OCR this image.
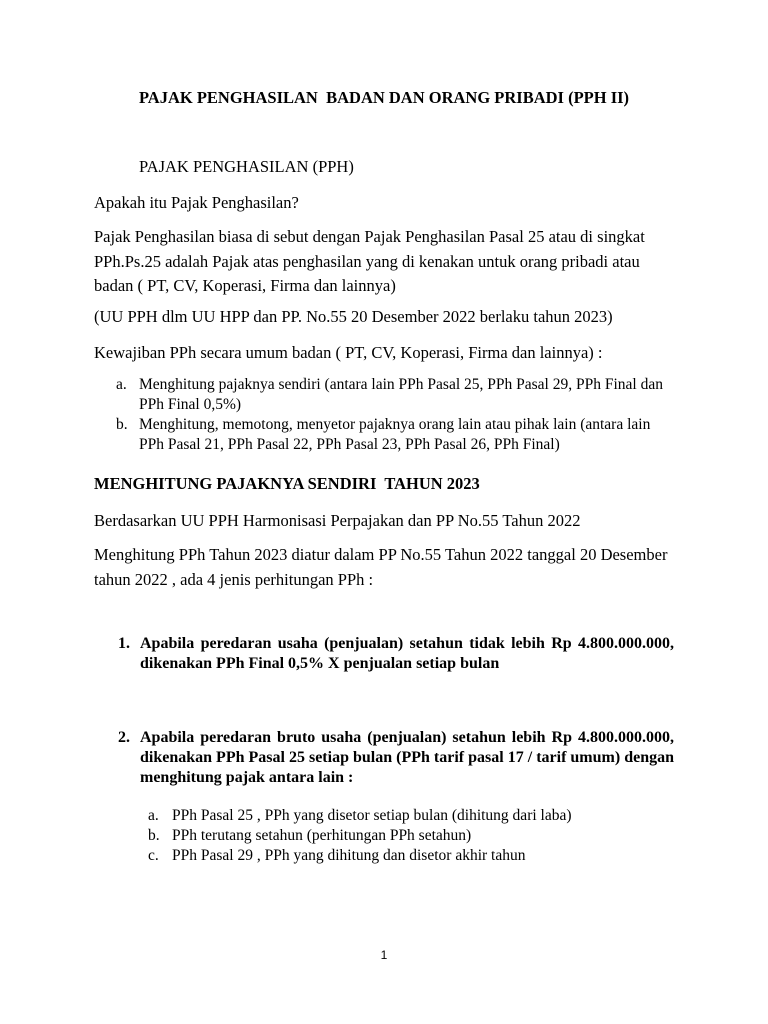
PAJAK PENGHASILAN  BADAN DAN ORANG PRIBADI (PPH II)

PAJAK PENGHASILAN (PPH)

Apakah itu Pajak Penghasilan?

Pajak Penghasilan biasa di sebut dengan Pajak Penghasilan Pasal 25 atau di singkat PPh.Ps.25 adalah Pajak atas penghasilan yang di kenakan untuk orang pribadi atau badan ( PT, CV, Koperasi, Firma dan lainnya)

(UU PPH dlm UU HPP dan PP. No.55 20 Desember 2022 berlaku tahun 2023)

Kewajiban PPh secara umum badan ( PT, CV, Koperasi, Firma dan lainnya) :

a. Menghitung pajaknya sendiri (antara lain PPh Pasal 25, PPh Pasal 29, PPh Final dan PPh Final 0,5%)
b. Menghitung, memotong, menyetor pajaknya orang lain atau pihak lain (antara lain PPh Pasal 21, PPh Pasal 22, PPh Pasal 23, PPh Pasal 26, PPh Final)

MENGHITUNG PAJAKNYA SENDIRI  TAHUN 2023

Berdasarkan UU PPH Harmonisasi Perpajakan dan PP No.55 Tahun 2022

Menghitung PPh Tahun 2023 diatur dalam PP No.55 Tahun 2022 tanggal 20 Desember tahun 2022 , ada 4 jenis perhitungan PPh :

1. Apabila peredaran usaha (penjualan) setahun tidak lebih Rp 4.800.000.000, dikenakan PPh Final 0,5% X penjualan setiap bulan
2. Apabila peredaran bruto usaha (penjualan) setahun lebih Rp 4.800.000.000, dikenakan PPh Pasal 25 setiap bulan (PPh tarif pasal 17 / tarif umum) dengan menghitung pajak antara lain :
a. PPh Pasal 25 , PPh yang disetor setiap bulan (dihitung dari laba)
b. PPh terutang setahun (perhitungan PPh setahun)
c. PPh Pasal 29 , PPh yang dihitung dan disetor akhir tahun

1
